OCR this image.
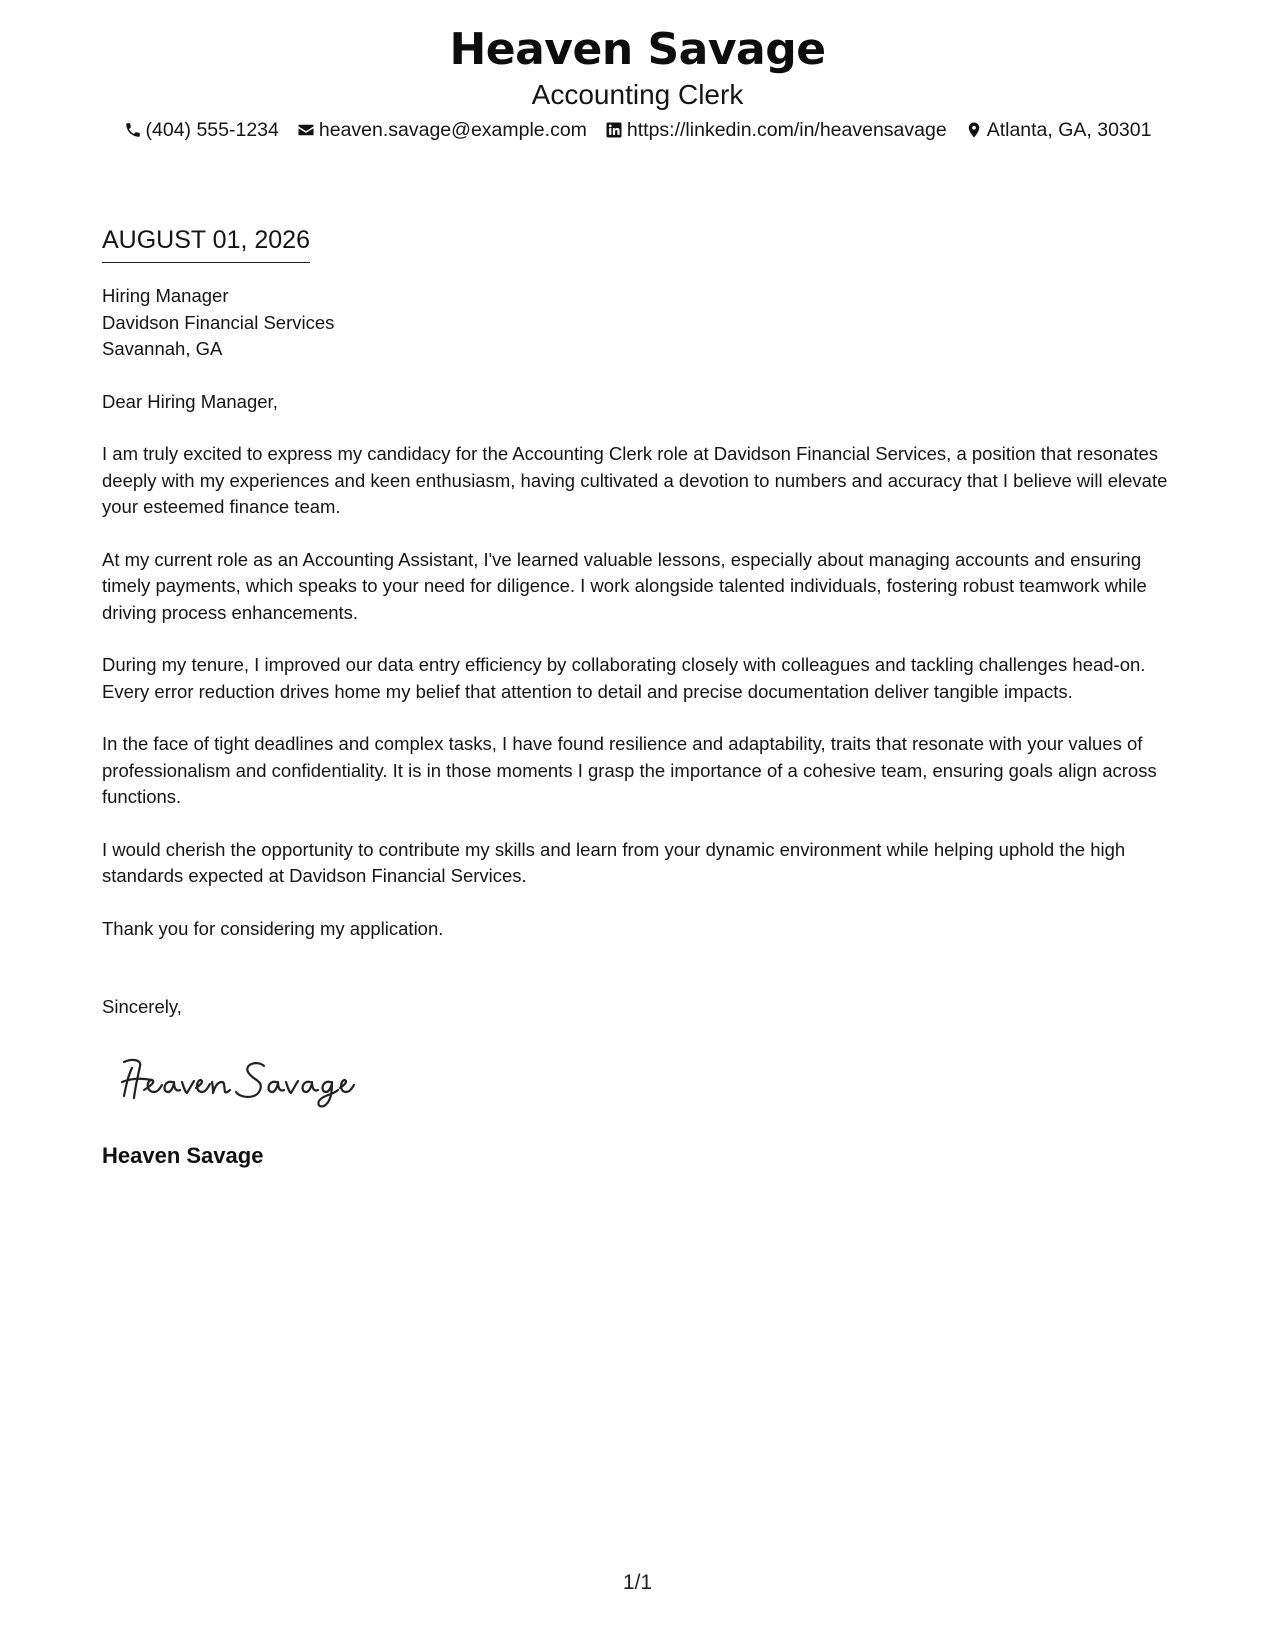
Heaven Savage
Accounting Clerk
(404) 555-1234 heaven.savage@example.com https://linkedin.com/in/heavensavage Atlanta, GA, 30301
AUGUST 01, 2026
Hiring Manager
Davidson Financial Services
Savannah, GA

Dear Hiring Manager,

I am truly excited to express my candidacy for the Accounting Clerk role at Davidson Financial Services, a position that resonates deeply with my experiences and keen enthusiasm, having cultivated a devotion to numbers and accuracy that I believe will elevate your esteemed finance team.

At my current role as an Accounting Assistant, I've learned valuable lessons, especially about managing accounts and ensuring timely payments, which speaks to your need for diligence. I work alongside talented individuals, fostering robust teamwork while driving process enhancements.

During my tenure, I improved our data entry efficiency by collaborating closely with colleagues and tackling challenges head-on. Every error reduction drives home my belief that attention to detail and precise documentation deliver tangible impacts.

In the face of tight deadlines and complex tasks, I have found resilience and adaptability, traits that resonate with your values of professionalism and confidentiality. It is in those moments I grasp the importance of a cohesive team, ensuring goals align across functions.

I would cherish the opportunity to contribute my skills and learn from your dynamic environment while helping uphold the high standards expected at Davidson Financial Services.

Thank you for considering my application.

Sincerely,
Heaven Savage
1/1
